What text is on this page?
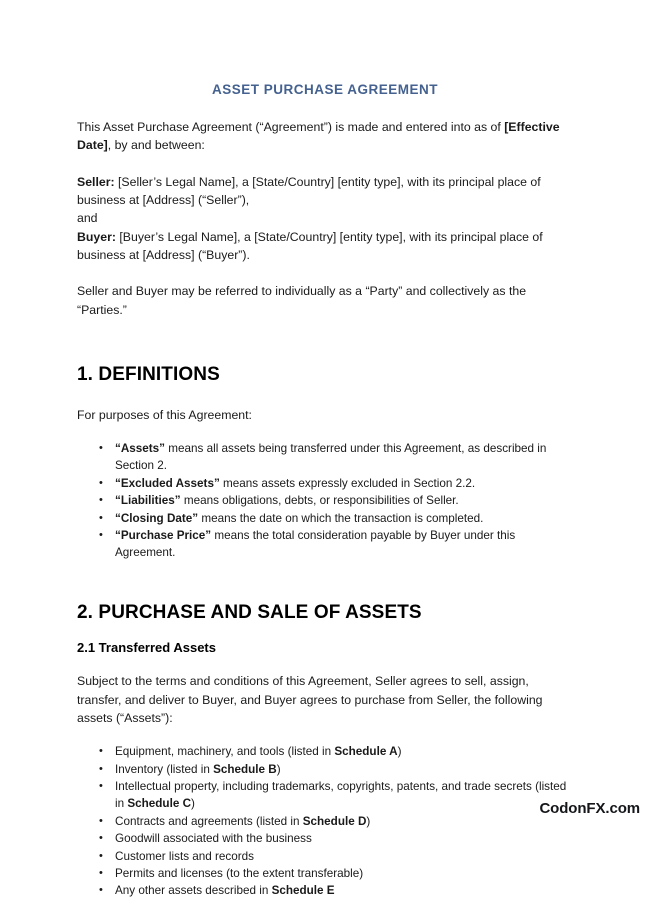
ASSET PURCHASE AGREEMENT

This Asset Purchase Agreement (“Agreement”) is made and entered into as of [Effective Date], by and between:

Seller: [Seller’s Legal Name], a [State/Country] [entity type], with its principal place of business at [Address] (“Seller”),
and
Buyer: [Buyer’s Legal Name], a [State/Country] [entity type], with its principal place of business at [Address] (“Buyer”).

Seller and Buyer may be referred to individually as a “Party” and collectively as the “Parties.”

1. DEFINITIONS

For purposes of this Agreement:

• “Assets” means all assets being transferred under this Agreement, as described in Section 2.
• “Excluded Assets” means assets expressly excluded in Section 2.2.
• “Liabilities” means obligations, debts, or responsibilities of Seller.
• “Closing Date” means the date on which the transaction is completed.
• “Purchase Price” means the total consideration payable by Buyer under this Agreement.
2. PURCHASE AND SALE OF ASSETS
2.1 Transferred Assets

Subject to the terms and conditions of this Agreement, Seller agrees to sell, assign, transfer, and deliver to Buyer, and Buyer agrees to purchase from Seller, the following assets (“Assets”):

• Equipment, machinery, and tools (listed in Schedule A)
• Inventory (listed in Schedule B)
• Intellectual property, including trademarks, copyrights, patents, and trade secrets (listed in Schedule C)
• Contracts and agreements (listed in Schedule D)
• Goodwill associated with the business
• Customer lists and records
• Permits and licenses (to the extent transferable)
• Any other assets described in Schedule E
CodonFX.com
